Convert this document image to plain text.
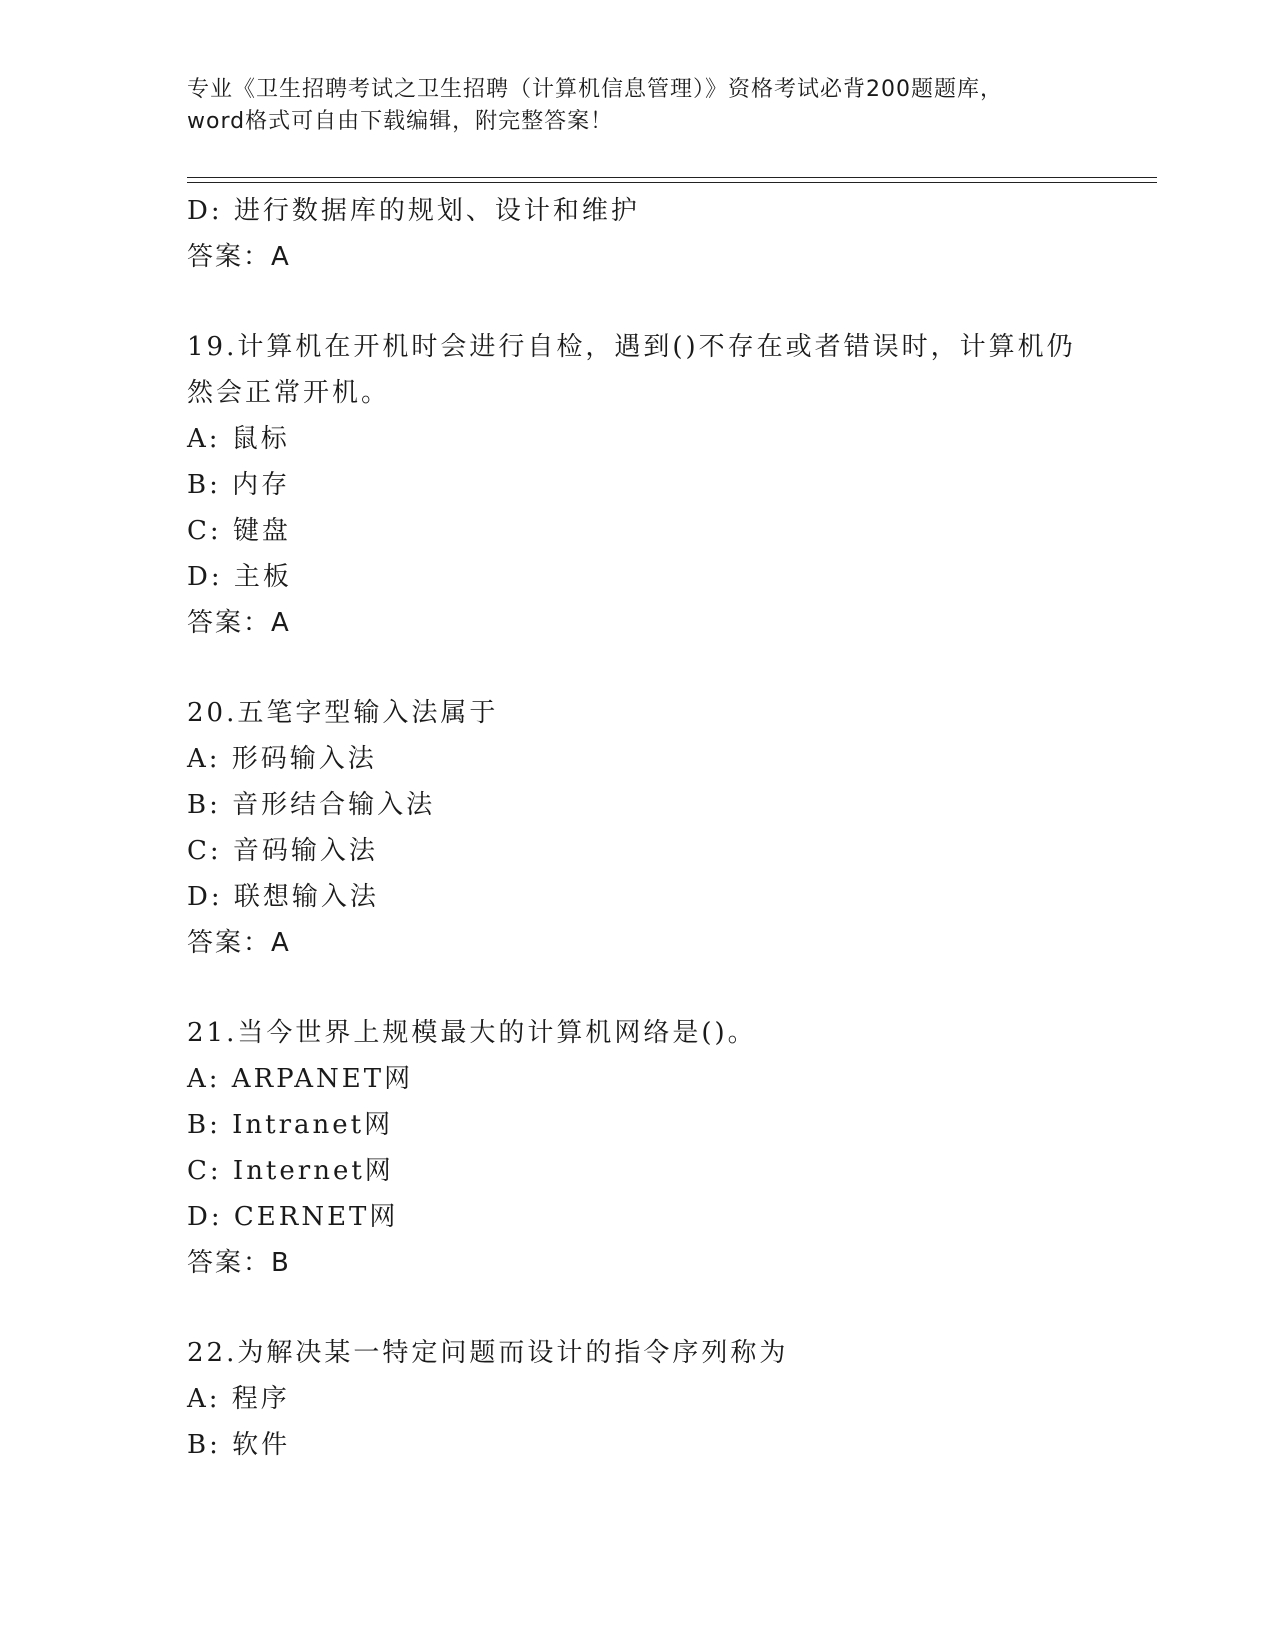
专业《卫生招聘考试之卫生招聘（计算机信息管理）》资格考试必背200题题库，
word格式可自由下载编辑，附完整答案！
D: 进行数据库的规划、设计和维护
答案：A
19.计算机在开机时会进行自检，遇到()不存在或者错误时，计算机仍
然会正常开机。
A: 鼠标
B: 内存
C: 键盘
D: 主板
答案：A
20.五笔字型输入法属于
A: 形码输入法
B: 音形结合输入法
C: 音码输入法
D: 联想输入法
答案：A
21.当今世界上规模最大的计算机网络是()。
A: ARPANET网
B: Intranet网
C: Internet网
D: CERNET网
答案：B
22.为解决某一特定问题而设计的指令序列称为
A: 程序
B: 软件
